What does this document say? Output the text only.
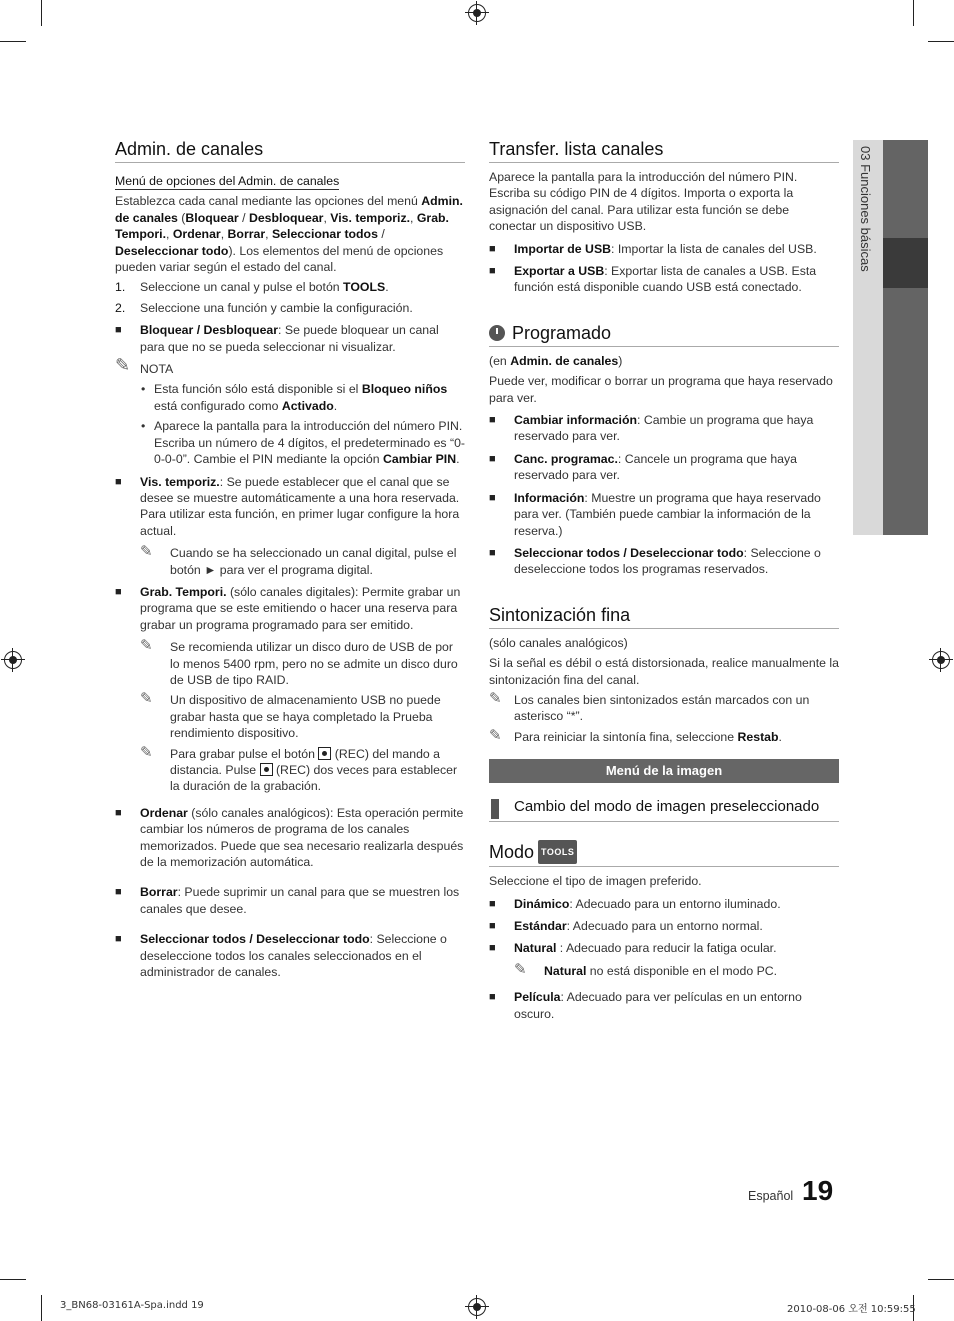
03 Funciones básicas
Admin. de canales
Menú de opciones del Admin. de canales

Establezca cada canal mediante las opciones del menú Admin. de canales (Bloquear / Desbloquear, Vis. temporiz., Grab. Tempori., Ordenar, Borrar, Seleccionar todos / Deseleccionar todo). Los elementos del menú de opciones pueden variar según el estado del canal.

1. Seleccione un canal y pulse el botón TOOLS.
2. Seleccione una función y cambie la configuración.
■ Bloquear / Desbloquear: Se puede bloquear un canal para que no se pueda seleccionar ni visualizar.
✎ NOTA
• Esta función sólo está disponible si el Bloqueo niños está configurado como Activado.
• Aparece la pantalla para la introducción del número PIN. Escriba un número de 4 dígitos, el predeterminado es “0-0-0-0”. Cambie el PIN mediante la opción Cambiar PIN.
■ Vis. temporiz.: Se puede establecer que el canal que se desee se muestre automáticamente a una hora reservada. Para utilizar esta función, en primer lugar configure la hora actual.
✎ Cuando se ha seleccionado un canal digital, pulse el botón ► para ver el programa digital.
■ Grab. Tempori. (sólo canales digitales): Permite grabar un programa que se este emitiendo o hacer una reserva para grabar un programa programado para ser emitido.
✎ Se recomienda utilizar un disco duro de USB de por lo menos 5400 rpm, pero no se admite un disco duro de USB de tipo RAID.
✎ Un dispositivo de almacenamiento USB no puede grabar hasta que se haya completado la Prueba rendimiento dispositivo.
✎ Para grabar pulse el botón  (REC) del mando a distancia. Pulse  (REC) dos veces para establecer la duración de la grabación.
■ Ordenar (sólo canales analógicos): Esta operación permite cambiar los números de programa de los canales memorizados. Puede que sea necesario realizarla después de la memorización automática.
■ Borrar: Puede suprimir un canal para que se muestren los canales que desee.
■ Seleccionar todos / Deseleccionar todo: Seleccione o deseleccione todos los canales seleccionados en el administrador de canales.
Transfer. lista canales

Aparece la pantalla para la introducción del número PIN. Escriba su código PIN de 4 dígitos. Importa o exporta la asignación del canal. Para utilizar esta función se debe conectar un dispositivo USB.

■ Importar de USB: Importar la lista de canales del USB.
■ Exportar a USB: Exportar lista de canales a USB. Esta función está disponible cuando USB está conectado.
Programado

(en Admin. de canales)

Puede ver, modificar o borrar un programa que haya reservado para ver.

■ Cambiar información: Cambie un programa que haya reservado para ver.
■ Canc. programac.: Cancele un programa que haya reservado para ver.
■ Información: Muestre un programa que haya reservado para ver. (También puede cambiar la información de la reserva.)
■ Seleccionar todos / Deseleccionar todo: Seleccione o deseleccione todos los programas reservados.
Sintonización fina

(sólo canales analógicos)

Si la señal es débil o está distorsionada, realice manualmente la sintonización fina del canal.

✎ Los canales bien sintonizados están marcados con un asterisco “*”.
✎ Para reiniciar la sintonía fina, seleccione Restab.
Menú de la imagen
Cambio del modo de imagen preseleccionado
Modo TOOLS

Seleccione el tipo de imagen preferido.

■ Dinámico: Adecuado para un entorno iluminado.
■ Estándar: Adecuado para un entorno normal.
■ Natural : Adecuado para reducir la fatiga ocular.
✎ Natural no está disponible en el modo PC.
■ Película: Adecuado para ver películas en un entorno oscuro.
Español 19
3_BN68-03161A-Spa.indd 19	2010-08-06 오전 10:59:55
